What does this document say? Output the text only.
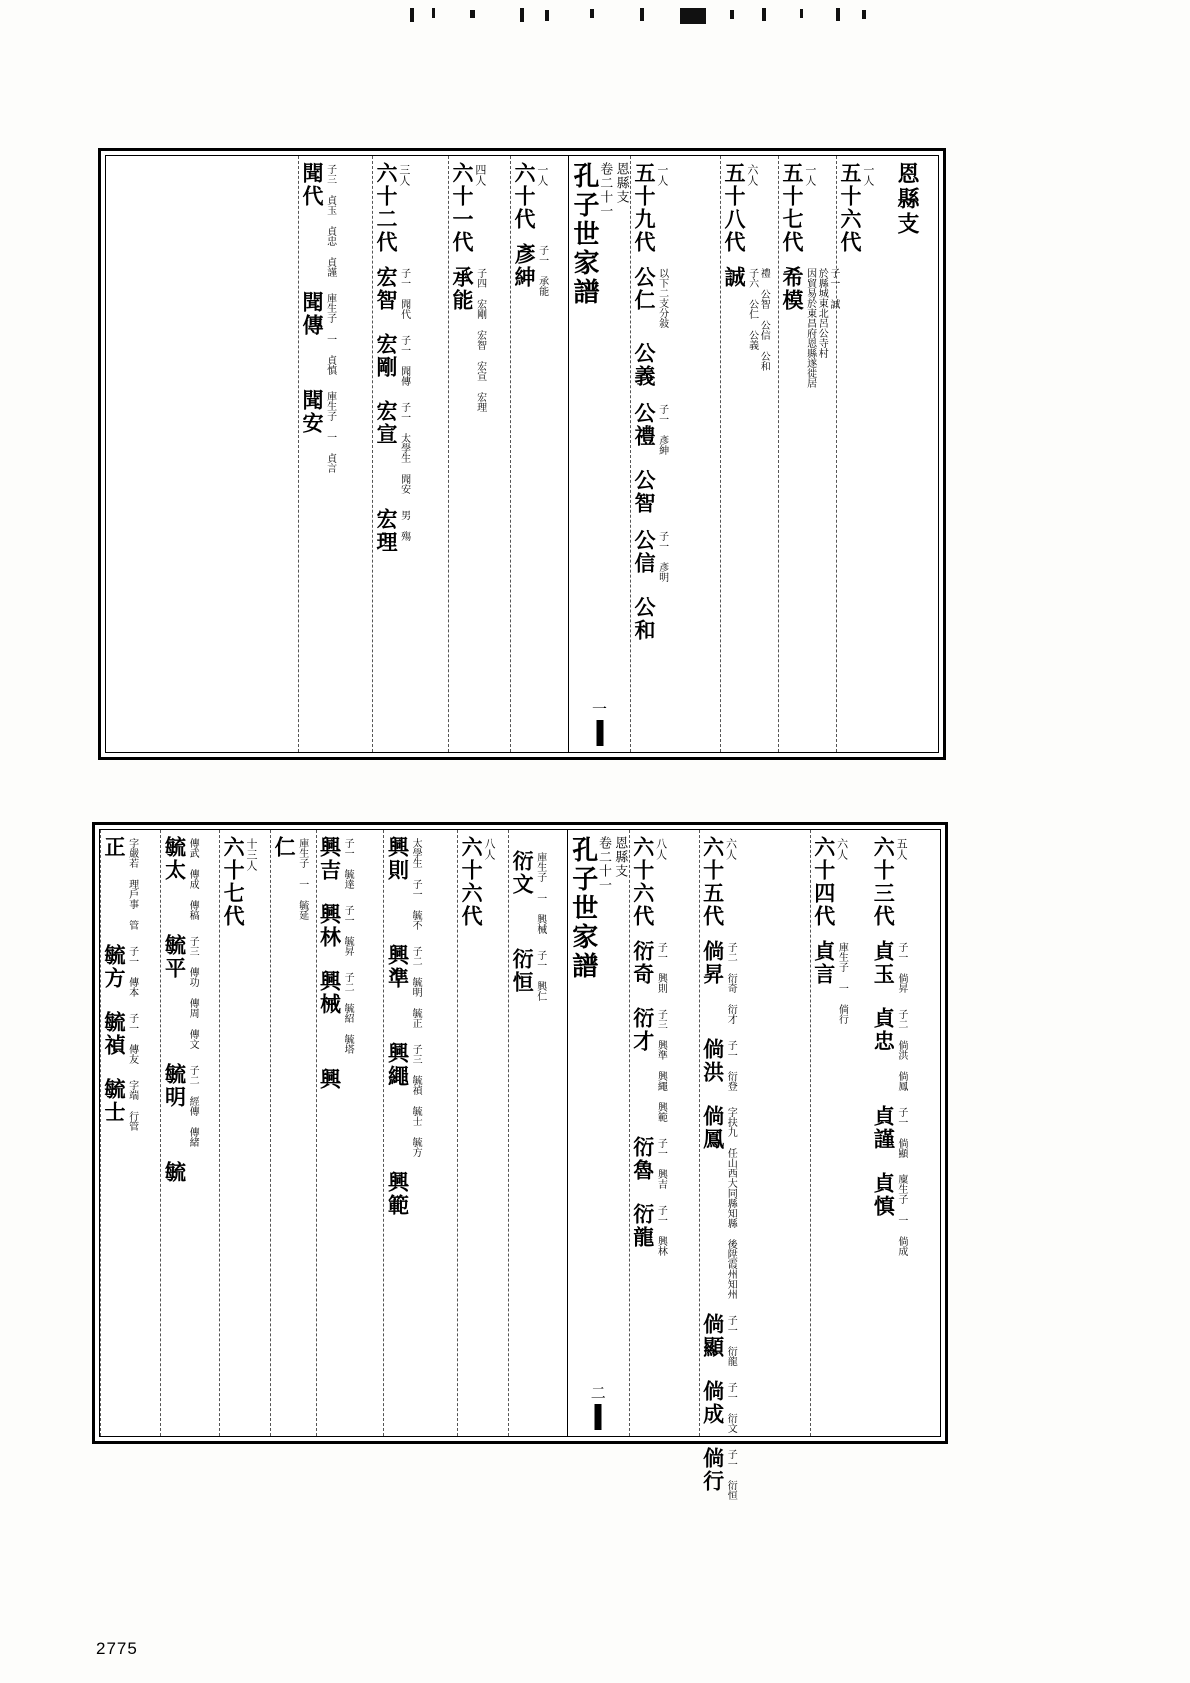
恩縣支
五十六代
一人
五十七代
一人
希模 因貿易於東昌府恩縣遂徙居 於縣城東北呂公寺村 子一 誠
五十八代
六人
誠 子六 公仁 公義 禮 公智 公信 公和
五十九代
一人
公仁 以下二支分敍
公義
公禮 子一 彥紳
公智
公信 子一 彥明
公和
孔子世家譜
卷二十一 恩縣支
一
六十代
一人
彥紳 子一 承能
六十一代
四人
承能 子四 宏剛 宏智 宏宣 宏理
六十二代
三人
宏智 子一 聞代
宏剛 子一 聞傳
宏宣 子一 太學生 聞安
宏理 男 殤
聞代 子三 貞玉 貞忠 貞謹
聞傳 庫生子 一 貞慎
聞安 庫生子 一 貞言
六十三代
五人
貞玉 子一 倘昇
貞忠 子二 倘洪 倘鳳
貞謹 子一 倘顯
貞慎 廩生子 一 倘成
六十四代
六人
貞言 庫生子 一 倘行
六十五代
六人
倘昇 子二 衍奇 衍才
倘洪 子一 衍登
倘鳳 字扶九 任山西大同縣知縣 後陞霞州知州
倘顯 子一 衍龍
倘成 子一 衍文
倘行 子一 衍恒
六十六代
八人
衍奇 子一 興則
衍才 子三 興準 興繩 興範
衍魯 子一 興吉
衍龍 子一 興林
孔子世家譜
卷二十一 恩縣支
二
衍文 庫生子 一 興械
衍恒 子一 興仁
六十六代
八人
興則 太學生 子一 毓不
興準 子二 毓明 毓正
興繩 子三 毓禎 毓士 毓方
興範
興吉 子一 毓達
興林 子一 毓昇
興械 子二 毓紹 毓塔
興
仁 庫生子 一 毓延
六十七代
十三人
毓太 傳武 傳成 傳稿
毓平 子三 傳功 傳周 傳文
毓明 子二 經傳 傳緒
毓
正 字嚴若 理戶事 管
毓方 子一 傳本
毓禎 子一 傳友
毓士 字端 行管
2775
